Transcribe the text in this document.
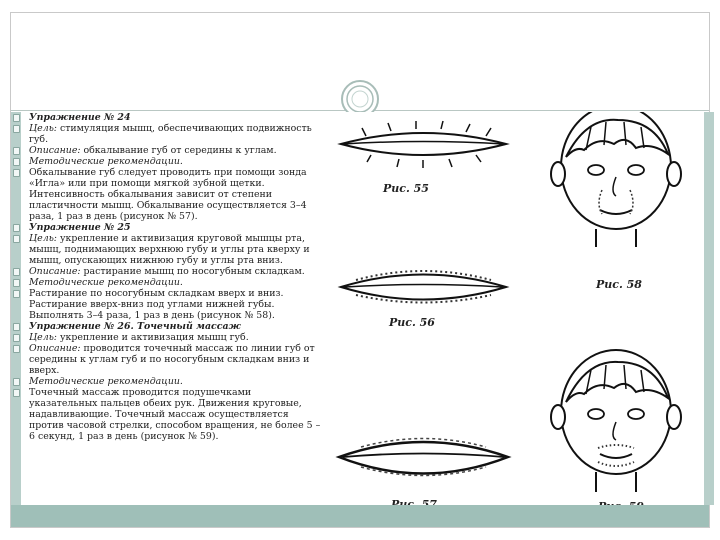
Упражнение № 24
Цель: стимуляция мышц, обеспечивающих подвижность губ.
Описание: обкалывание губ от середины к углам.
Методические рекомендации.
Обкалывание губ следует проводить при помощи зонда «Игла» или при помощи мягкой зубной щетки. Интенсивность обкалывания зависит от степени пластичности мышц. Обкалывание осуществляется 3–4 раза, 1 раз в день (рисунок № 57).
Упражнение № 25
Цель: укрепление и активизация круговой мышцы рта, мышц, поднимающих верхнюю губу и углы рта кверху и мышц, опускающих нижнюю губу и углы рта вниз.
Описание: растирание мышц по носогубным складкам.
Методические рекомендации.
Растирание по носогубным складкам вверх и вниз. Растирание вверх-вниз под углами нижней губы. Выполнять 3–4 раза, 1 раз в день (рисунок № 58).
Упражнение № 26. Точечный массаж
Цель: укрепление и активизация мышц губ.
Описание: проводится точечный массаж по линии губ от середины к углам губ и по носогубным складкам вниз и вверх.
Методические рекомендации.
Точечный массаж проводится подушечками указательных пальцев обеих рук. Движения круговые, надавливающие. Точечный массаж осуществляется против часовой стрелки, способом вращения, не более 5 –6 секунд, 1 раз в день (рисунок № 59).
Рис. 55
Рис. 56
Рис. 58
